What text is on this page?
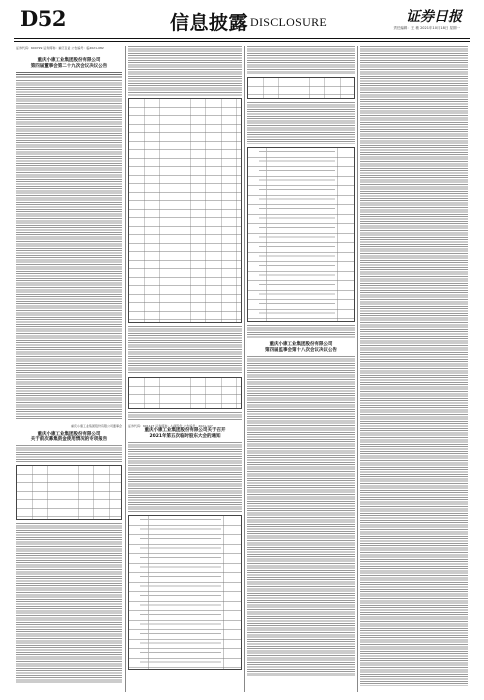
D52	信息披露 DISCLOSURE	证券日报
责任编辑：王 敏 2021年10月18日 星期一
证券代码：600729 证券简称：重庆百货 公告编号：临2021-082
重庆小康工业集团股份有限公司
第四届董事会第二十九次会议决议公告
重庆小康工业集团股份有限公司董事会
重庆小康工业集团股份有限公司
关于前次募集资金使用情况的专项报告
证券代码：601127 证券简称：小康股份 公告编号：2021-127
重庆小康工业集团股份有限公司关于召开
2021年第五次临时股东大会的通知
重庆小康工业集团股份有限公司
第四届监事会第十八次会议决议公告
